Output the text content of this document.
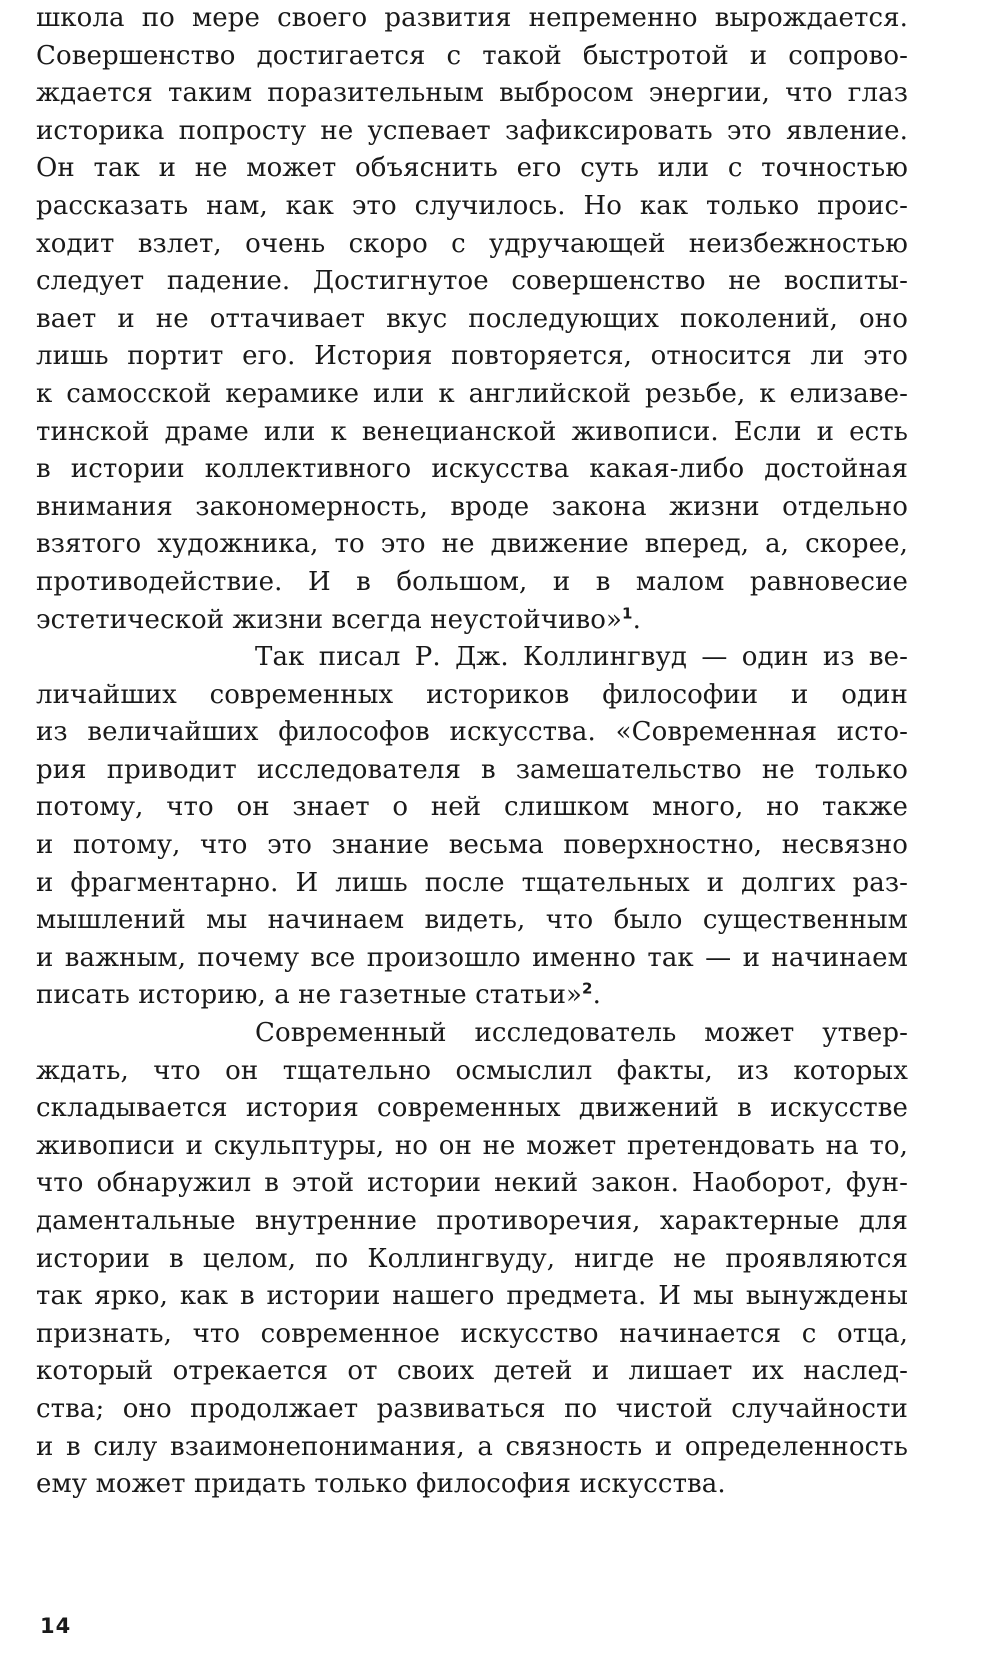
школа по мере своего развития непременно вырождается.
Совершенство достигается с такой быстротой и сопрово-
ждается таким поразительным выбросом энергии, что глаз
историка попросту не успевает зафиксировать это явление.
Он так и не может объяснить его суть или с точностью
рассказать нам, как это случилось. Но как только проис-
ходит взлет, очень скоро с удручающей неизбежностью
следует падение. Достигнутое совершенство не воспиты-
вает и не оттачивает вкус последующих поколений, оно
лишь портит его. История повторяется, относится ли это
к самосской керамике или к английской резьбе, к елизаве-
тинской драме или к венецианской живописи. Если и есть
в истории коллективного искусства какая-либо достойная
внимания закономерность, вроде закона жизни отдельно
взятого художника, то это не движение вперед, а, скорее,
противодействие. И в большом, и в малом равновесие
эстетической жизни всегда неустойчиво»$^1$.
Так писал Р. Дж. Коллингвуд — один из ве-
личайших современных историков философии и один
из величайших философов искусства. «Современная исто-
рия приводит исследователя в замешательство не только
потому, что он знает о ней слишком много, но также
и потому, что это знание весьма поверхностно, несвязно
и фрагментарно. И лишь после тщательных и долгих раз-
мышлений мы начинаем видеть, что было существенным
и важным, почему все произошло именно так — и начинаем
писать историю, а не газетные статьи»$^2$.
Современный исследователь может утвер-
ждать, что он тщательно осмыслил факты, из которых
складывается история современных движений в искусстве
живописи и скульптуры, но он не может претендовать на то,
что обнаружил в этой истории некий закон. Наоборот, фун-
даментальные внутренние противоречия, характерные для
истории в целом, по Коллингвуду, нигде не проявляются
так ярко, как в истории нашего предмета. И мы вынуждены
признать, что современное искусство начинается с отца,
который отрекается от своих детей и лишает их наслед-
ства; оно продолжает развиваться по чистой случайности
и в силу взаимонепонимания, а связность и определенность
ему может придать только философия искусства.
14
